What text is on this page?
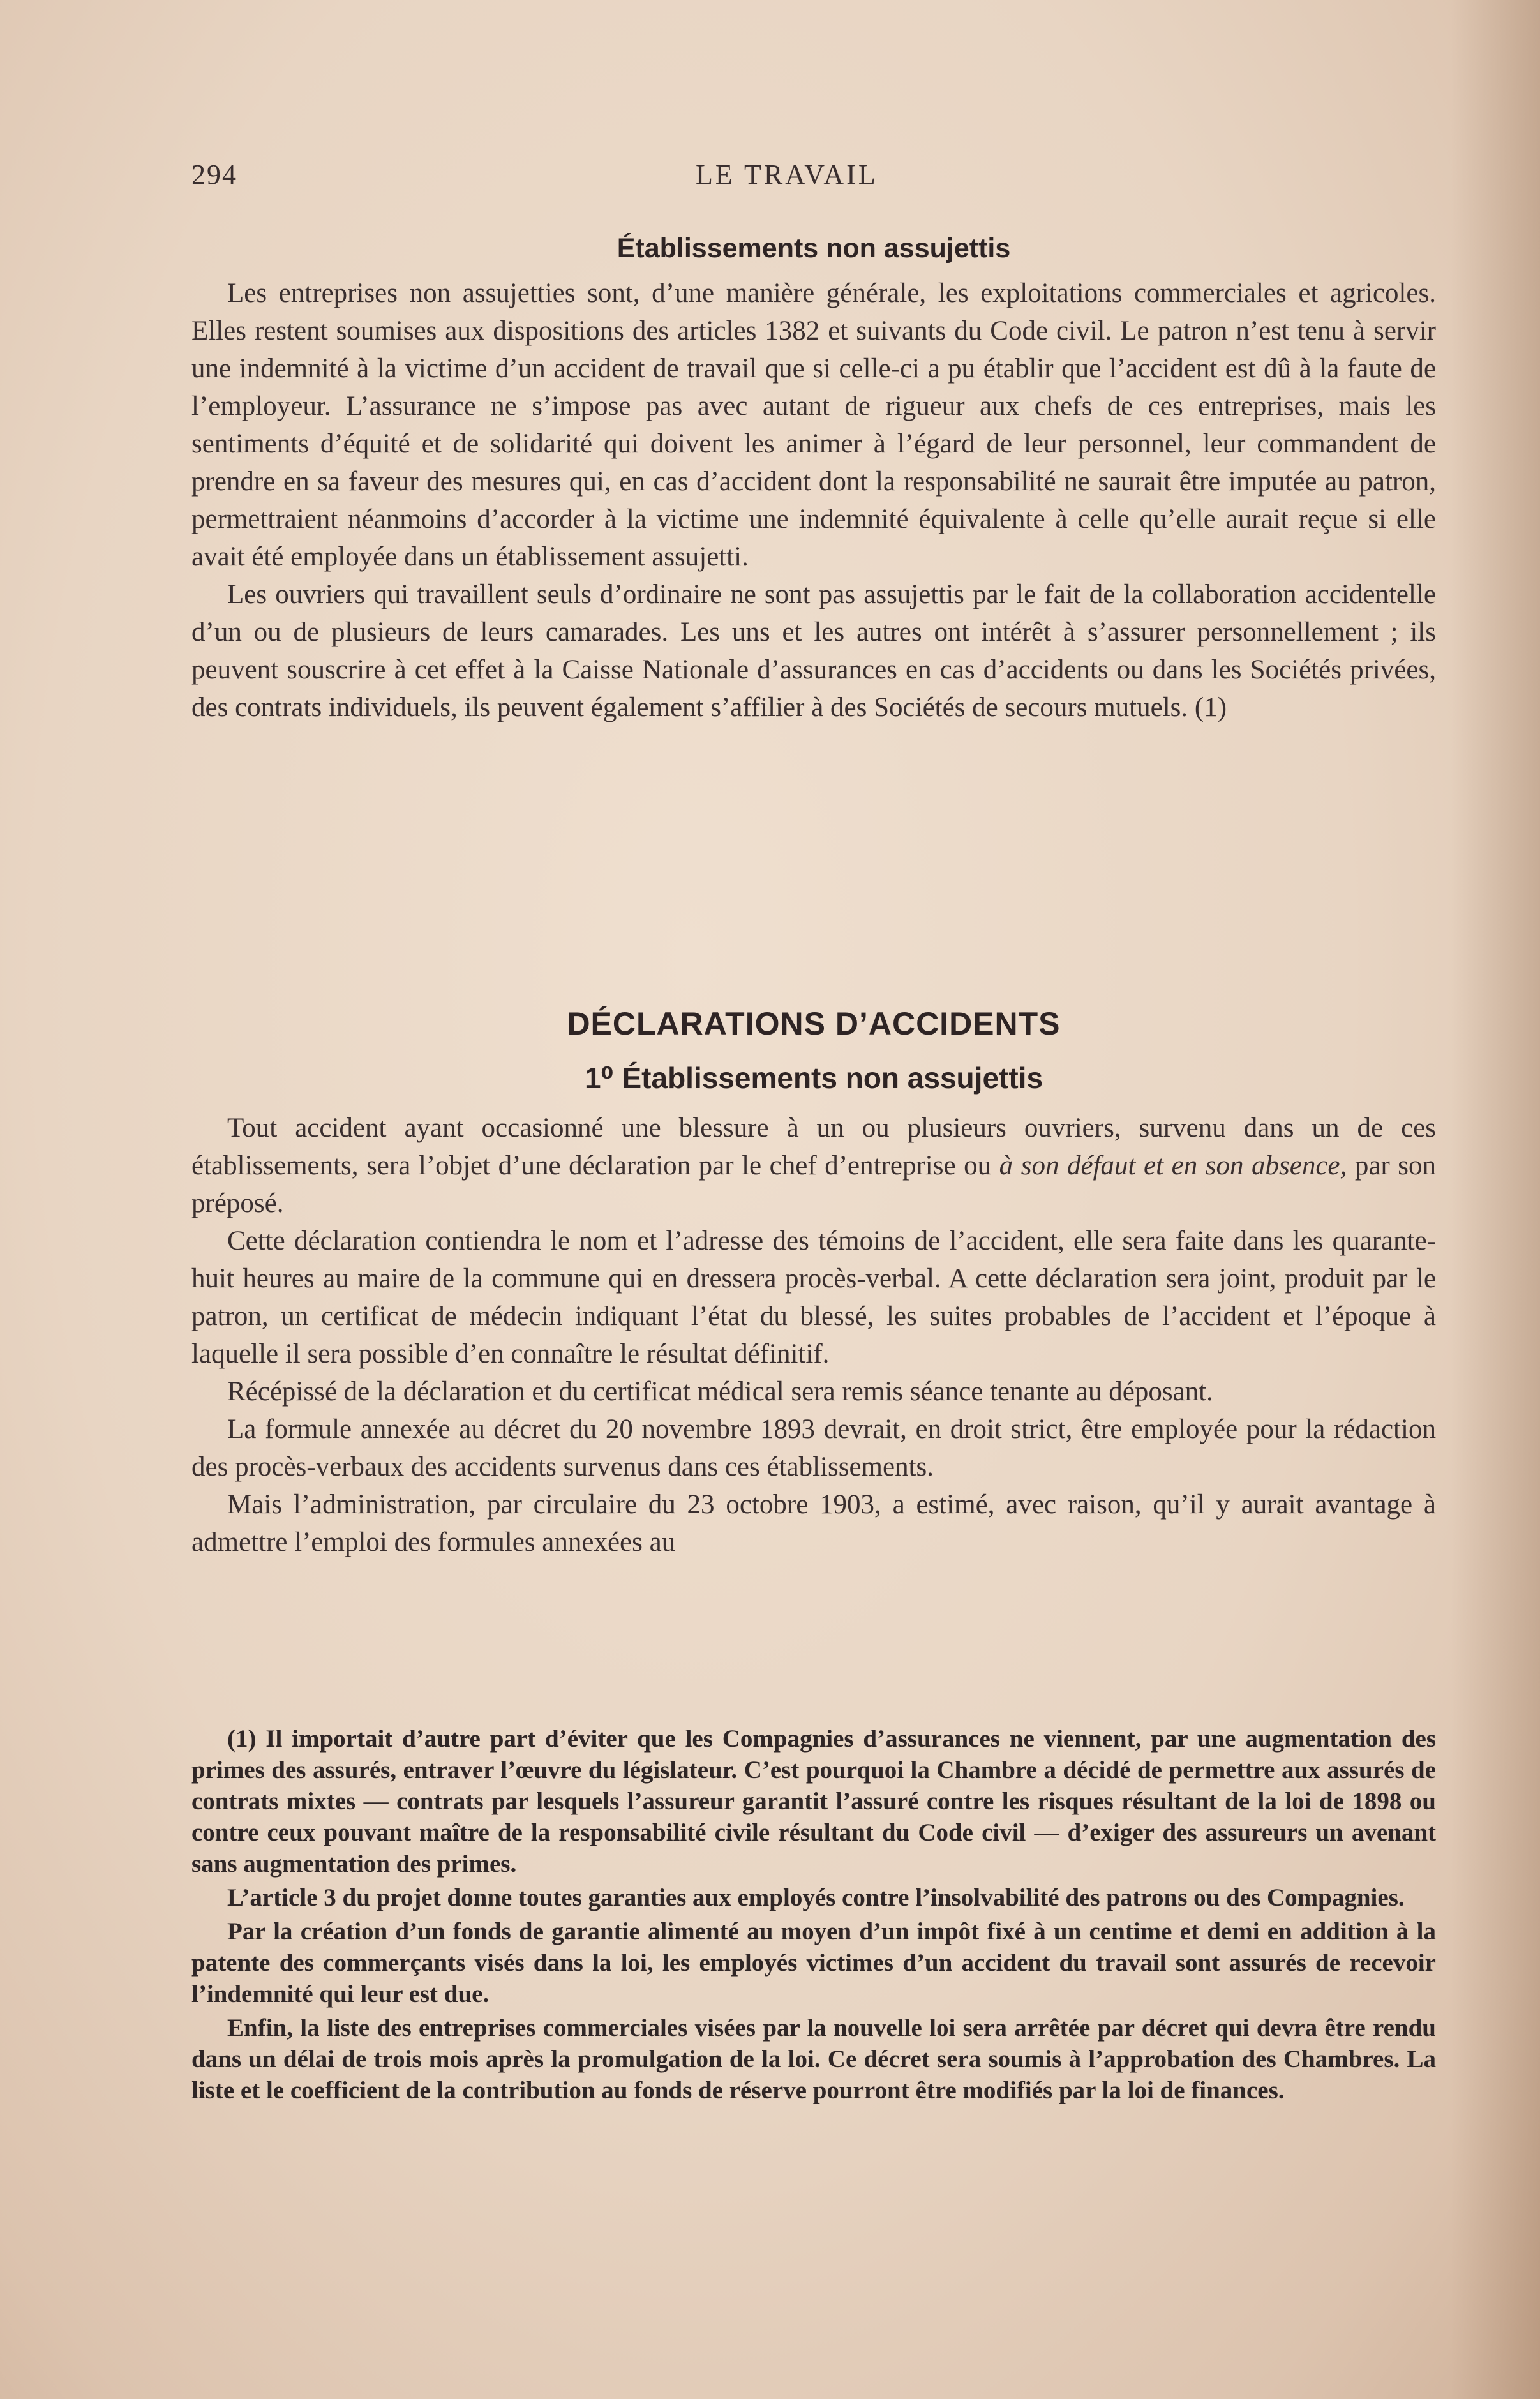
294	LE TRAVAIL
Établissements non assujettis

Les entreprises non assujetties sont, d’une manière générale, les exploitations commerciales et agricoles. Elles restent soumises aux dispositions des articles 1382 et suivants du Code civil. Le patron n’est tenu à servir une indemnité à la victime d’un accident de travail que si celle-ci a pu établir que l’accident est dû à la faute de l’employeur. L’assurance ne s’impose pas avec autant de rigueur aux chefs de ces entreprises, mais les sentiments d’équité et de solidarité qui doivent les animer à l’égard de leur personnel, leur commandent de prendre en sa faveur des mesures qui, en cas d’accident dont la responsabilité ne saurait être imputée au patron, permettraient néanmoins d’accorder à la victime une indemnité équivalente à celle qu’elle aurait reçue si elle avait été employée dans un établissement assujetti.

Les ouvriers qui travaillent seuls d’ordinaire ne sont pas assujettis par le fait de la collaboration accidentelle d’un ou de plusieurs de leurs camarades. Les uns et les autres ont intérêt à s’assurer personnellement ; ils peuvent souscrire à cet effet à la Caisse Nationale d’assurances en cas d’accidents ou dans les Sociétés privées, des contrats individuels, ils peuvent également s’affilier à des Sociétés de secours mutuels. (1)

DÉCLARATIONS D’ACCIDENTS
1⁰ Établissements non assujettis

Tout accident ayant occasionné une blessure à un ou plusieurs ouvriers, survenu dans un de ces établissements, sera l’objet d’une déclaration par le chef d’entreprise ou à son défaut et en son absence, par son préposé.

Cette déclaration contiendra le nom et l’adresse des témoins de l’accident, elle sera faite dans les quarante-huit heures au maire de la commune qui en dressera procès-verbal. A cette déclaration sera joint, produit par le patron, un certificat de médecin indiquant l’état du blessé, les suites probables de l’accident et l’époque à laquelle il sera possible d’en connaître le résultat définitif.

Récépissé de la déclaration et du certificat médical sera remis séance tenante au déposant.

La formule annexée au décret du 20 novembre 1893 devrait, en droit strict, être employée pour la rédaction des procès-verbaux des accidents survenus dans ces établissements.

Mais l’administration, par circulaire du 23 octobre 1903, a estimé, avec raison, qu’il y aurait avantage à admettre l’emploi des formules annexées au

(1) Il importait d’autre part d’éviter que les Compagnies d’assurances ne viennent, par une augmentation des primes des assurés, entraver l’œuvre du législateur. C’est pourquoi la Chambre a décidé de permettre aux assurés de contrats mixtes — contrats par lesquels l’assureur garantit l’assuré contre les risques résultant de la loi de 1898 ou contre ceux pouvant maître de la responsabilité civile résultant du Code civil — d’exiger des assureurs un avenant sans augmentation des primes.

L’article 3 du projet donne toutes garanties aux employés contre l’insolvabilité des patrons ou des Compagnies.

Par la création d’un fonds de garantie alimenté au moyen d’un impôt fixé à un centime et demi en addition à la patente des commerçants visés dans la loi, les employés victimes d’un accident du travail sont assurés de recevoir l’indemnité qui leur est due.

Enfin, la liste des entreprises commerciales visées par la nouvelle loi sera arrêtée par décret qui devra être rendu dans un délai de trois mois après la promulgation de la loi. Ce décret sera soumis à l’approbation des Chambres. La liste et le coefficient de la contribution au fonds de réserve pourront être modifiés par la loi de finances.
